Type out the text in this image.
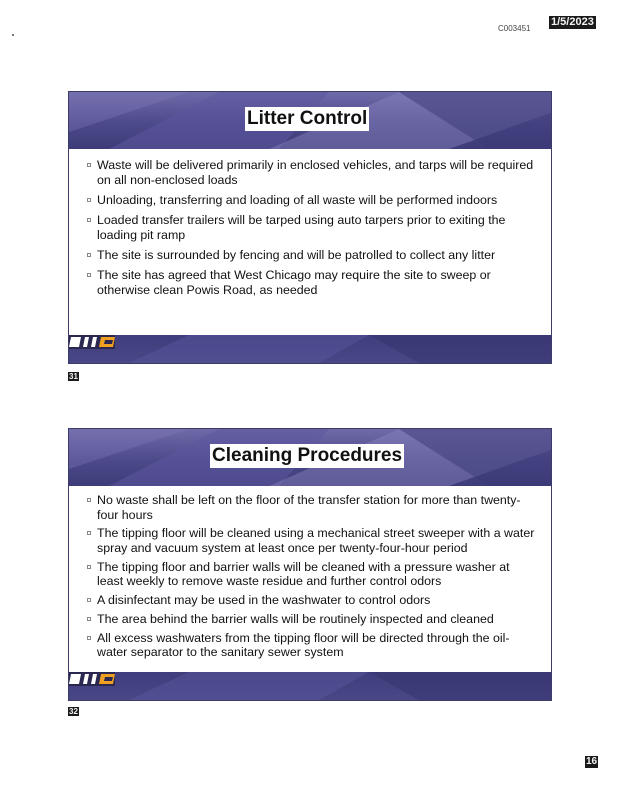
C003451
1/5/2023
Litter Control
Waste will be delivered primarily in enclosed vehicles, and tarps will be required on all non-enclosed loads
Unloading, transferring and loading of all waste will be performed indoors
Loaded transfer trailers will be tarped using auto tarpers prior to exiting the loading pit ramp
The site is surrounded by fencing and will be patrolled to collect any litter
The site has agreed that West Chicago may require the site to sweep or otherwise clean Powis Road, as needed
31
Cleaning Procedures
No waste shall be left on the floor of the transfer station for more than twenty-four hours
The tipping floor will be cleaned using a mechanical street sweeper with a water spray and vacuum system at least once per twenty-four-hour period
The tipping floor and barrier walls will be cleaned with a pressure washer at least weekly to remove waste residue and further control odors
A disinfectant may be used in the washwater to control odors
The area behind the barrier walls will be routinely inspected and cleaned
All excess washwaters from the tipping floor will be directed through the oil-water separator to the sanitary sewer system
32
16
